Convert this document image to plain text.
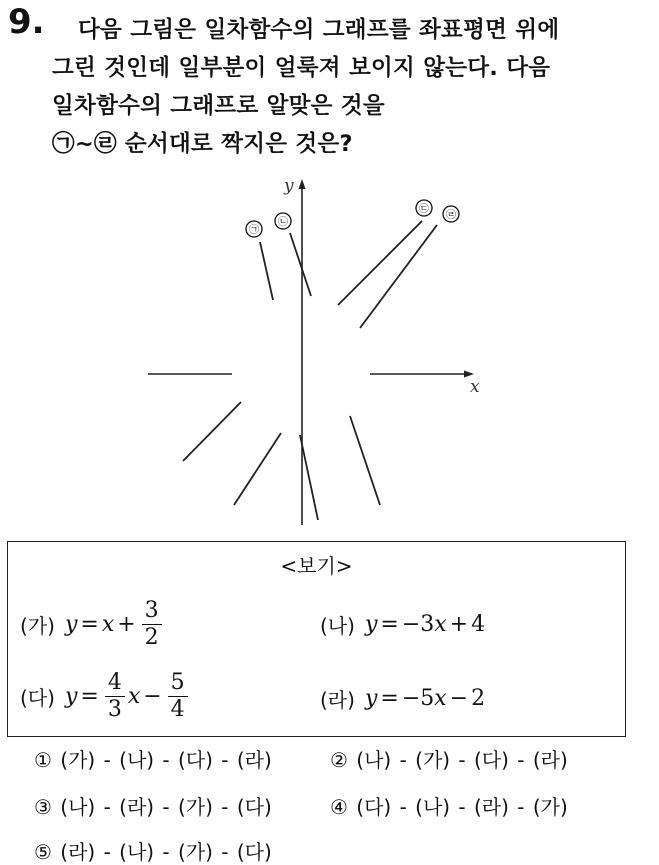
9. 다음 그림은 일차함수의 그래프를 좌표평면 위에
그린 것인데 일부분이 얼룩져 보이지 않는다. 다음
일차함수의 그래프로 알맞은 것을
㉠~㉣ 순서대로 짝지은 것은?
y
x
㉠
㉡
㉢
㉣
<보기>
(가) $y = x + \frac{3}{2}$	(나) y = −3 x + 4
(다) $y = \frac{4}{3}$ $x - \frac{5}{4}$	(라) y = −5 x − 2
① (가) - (나) - (다) - (라)	② (나) - (가) - (다) - (라)
③ (나) - (라) - (가) - (다)	④ (다) - (나) - (라) - (가)
⑤ (라) - (나) - (가) - (다)
